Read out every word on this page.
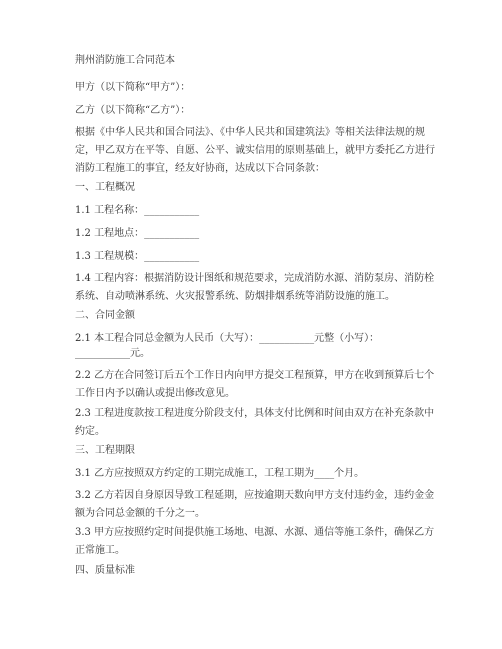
荆州消防施工合同范本
甲方（以下简称“甲方”）：
乙方（以下简称“乙方”）：
根据《中华人民共和国合同法》、《中华人民共和国建筑法》等相关法律法规的规定，甲乙双方在平等、自愿、公平、诚实信用的原则基础上，就甲方委托乙方进行消防工程施工的事宜，经友好协商，达成以下合同条款：
一、工程概况
1.1 工程名称：___________
1.2 工程地点：___________
1.3 工程规模：___________
1.4 工程内容：根据消防设计图纸和规范要求，完成消防水源、消防泵房、消防栓系统、自动喷淋系统、火灾报警系统、防烟排烟系统等消防设施的施工。
二、合同金额
2.1 本工程合同总金额为人民币（大写）：___________元整（小写）：
___________元。
2.2 乙方在合同签订后五个工作日内向甲方提交工程预算，甲方在收到预算后七个工作日内予以确认或提出修改意见。
2.3 工程进度款按工程进度分阶段支付，具体支付比例和时间由双方在补充条款中约定。
三、工程期限
3.1 乙方应按照双方约定的工期完成施工，工程工期为____个月。
3.2 乙方若因自身原因导致工程延期，应按逾期天数向甲方支付违约金，违约金金额为合同总金额的千分之一。
3.3 甲方应按照约定时间提供施工场地、电源、水源、通信等施工条件，确保乙方正常施工。
四、质量标准
